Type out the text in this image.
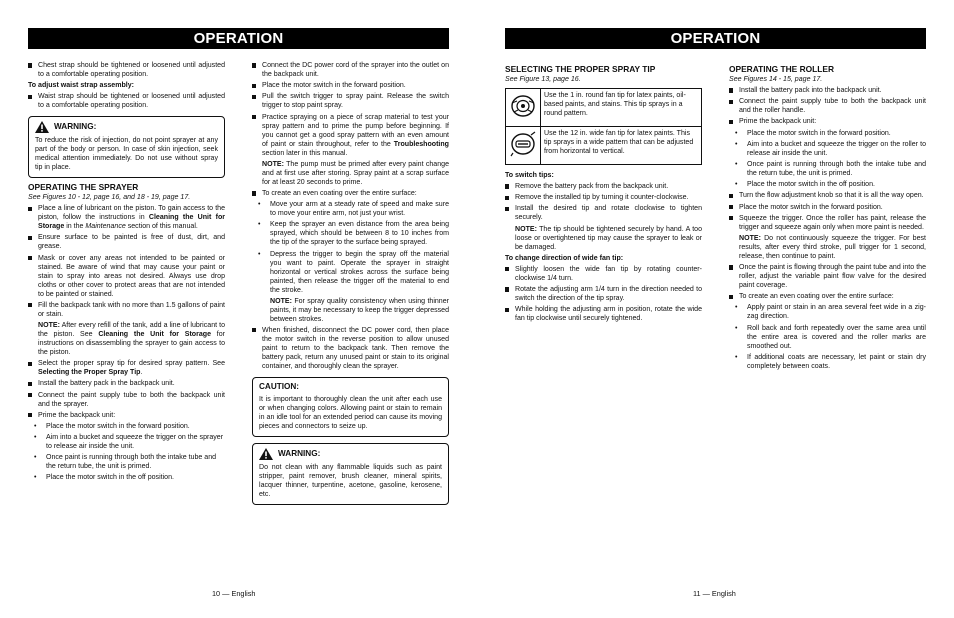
OPERATION
Chest strap should be tightened or loosened until adjusted to a comfortable operating position.
To adjust waist strap assembly:
Waist strap should be tightened or loosened until adjusted to a comfortable operating position.
WARNING:
To reduce the risk of injection, do not point sprayer at any part of the body or person. In case of skin injection, seek medical attention immediately. Do not use without spray tip in place.
OPERATING THE SPRAYER
See Figures 10 - 12, page 16, and 18 - 19, page 17.
Place a line of lubricant on the piston. To gain access to the piston, follow the instructions in Cleaning the Unit for Storage in the Maintenance section of this manual.
Ensure surface to be painted is free of dust, dirt, and grease.
Mask or cover any areas not intended to be painted or stained. Be aware of wind that may cause your paint or stain to spray into areas not desired. Always use drop cloths or other cover to protect areas that are not intended to be painted or stained.
Fill the backpack tank with no more than 1.5 gallons of paint or stain.
NOTE: After every refill of the tank, add a line of lubricant to the piston. See Cleaning the Unit for Storage for instructions on disassembling the sprayer to gain access to the piston.
Select the proper spray tip for desired spray pattern. See Selecting the Proper Spray Tip.
Install the battery pack in the backpack unit.
Connect the paint supply tube to both the backpack unit and the sprayer.
Prime the backpack unit:
• Place the motor switch in the forward position.
• Aim into a bucket and squeeze the trigger on the sprayer to release air inside the unit.
• Once paint is running through both the intake tube and the return tube, the unit is primed.
• Place the motor switch in the off position.
Connect the DC power cord of the sprayer into the outlet on the backpack unit.
Place the motor switch in the forward position.
Pull the switch trigger to spray paint. Release the switch trigger to stop paint spray.
Practice spraying on a piece of scrap material to test your spray pattern and to prime the pump before beginning. If you cannot get a good spray pattern with an even amount of paint or stain throughout, refer to the Troubleshooting section later in this manual.
NOTE: The pump must be primed after every paint change and at first use after storing. Spray paint at a scrap surface for at least 20 seconds to prime.
To create an even coating over the entire surface:
• Move your arm at a steady rate of speed and make sure to move your entire arm, not just your wrist.
• Keep the sprayer an even distance from the area being sprayed, which should be between 8 to 10 inches from the tip of the sprayer to the surface being sprayed.
• Depress the trigger to begin the spray off the material you want to paint. Operate the sprayer in straight horizontal or vertical strokes across the surface being painted, then release the trigger off the material to end the stroke.
NOTE: For spray quality consistency when using thinner paints, it may be necessary to keep the trigger depressed between strokes.
When finished, disconnect the DC power cord, then place the motor switch in the reverse position to allow unused paint to return to the backpack tank. Then remove the battery pack, return any unused paint or stain to its original container, and thoroughly clean the sprayer.
CAUTION:
It is important to thoroughly clean the unit after each use or when changing colors. Allowing paint or stain to remain in an idle tool for an extended period can cause its moving pieces and connectors to seize up.
WARNING:
Do not clean with any flammable liquids such as paint stripper, paint remover, brush cleaner, mineral spirits, lacquer thinner, turpentine, acetone, gasoline, kerosene, etc.
10 — English
OPERATION
SELECTING THE PROPER SPRAY TIP
See Figure 13, page 16.
	Use the 1 in. round fan tip for latex paints, oil-based paints, and stains. This tip sprays in a round pattern.
	Use the 12 in. wide fan tip for latex paints. This tip sprays in a wide pattern that can be adjusted from horizontal to vertical.
To switch tips:
Remove the battery pack from the backpack unit.
Remove the installed tip by turning it counter-clockwise.
Install the desired tip and rotate clockwise to tighten securely.
NOTE: The tip should be tightened securely by hand. A too loose or overtightened tip may cause the sprayer to leak or be damaged.
To change direction of wide fan tip:
Slightly loosen the wide fan tip by rotating counter-clockwise 1/4 turn.
Rotate the adjusting arm 1/4 turn in the direction needed to switch the direction of the tip spray.
While holding the adjusting arm in position, rotate the wide fan tip clockwise until securely tightened.
OPERATING THE ROLLER
See Figures 14 - 15, page 17.
Install the battery pack into the backpack unit.
Connect the paint supply tube to both the backpack unit and the roller handle.
Prime the backpack unit:
• Place the motor switch in the forward position.
• Aim into a bucket and squeeze the trigger on the roller to release air inside the unit.
• Once paint is running through both the intake tube and the return tube, the unit is primed.
• Place the motor switch in the off position.
Turn the flow adjustment knob so that it is all the way open.
Place the motor switch in the forward position.
Squeeze the trigger. Once the roller has paint, release the trigger and squeeze again only when more paint is needed.
NOTE: Do not continuously squeeze the trigger. For best results, after every third stroke, pull trigger for 1 second, release, then continue to paint.
Once the paint is flowing through the paint tube and into the roller, adjust the variable paint flow valve for the desired paint coverage.
To create an even coating over the entire surface:
• Apply paint or stain in an area several feet wide in a zig-zag direction.
• Roll back and forth repeatedly over the same area until the entire area is covered and the roller marks are smoothed out.
• If additional coats are necessary, let paint or stain dry completely between coats.
11 — English
